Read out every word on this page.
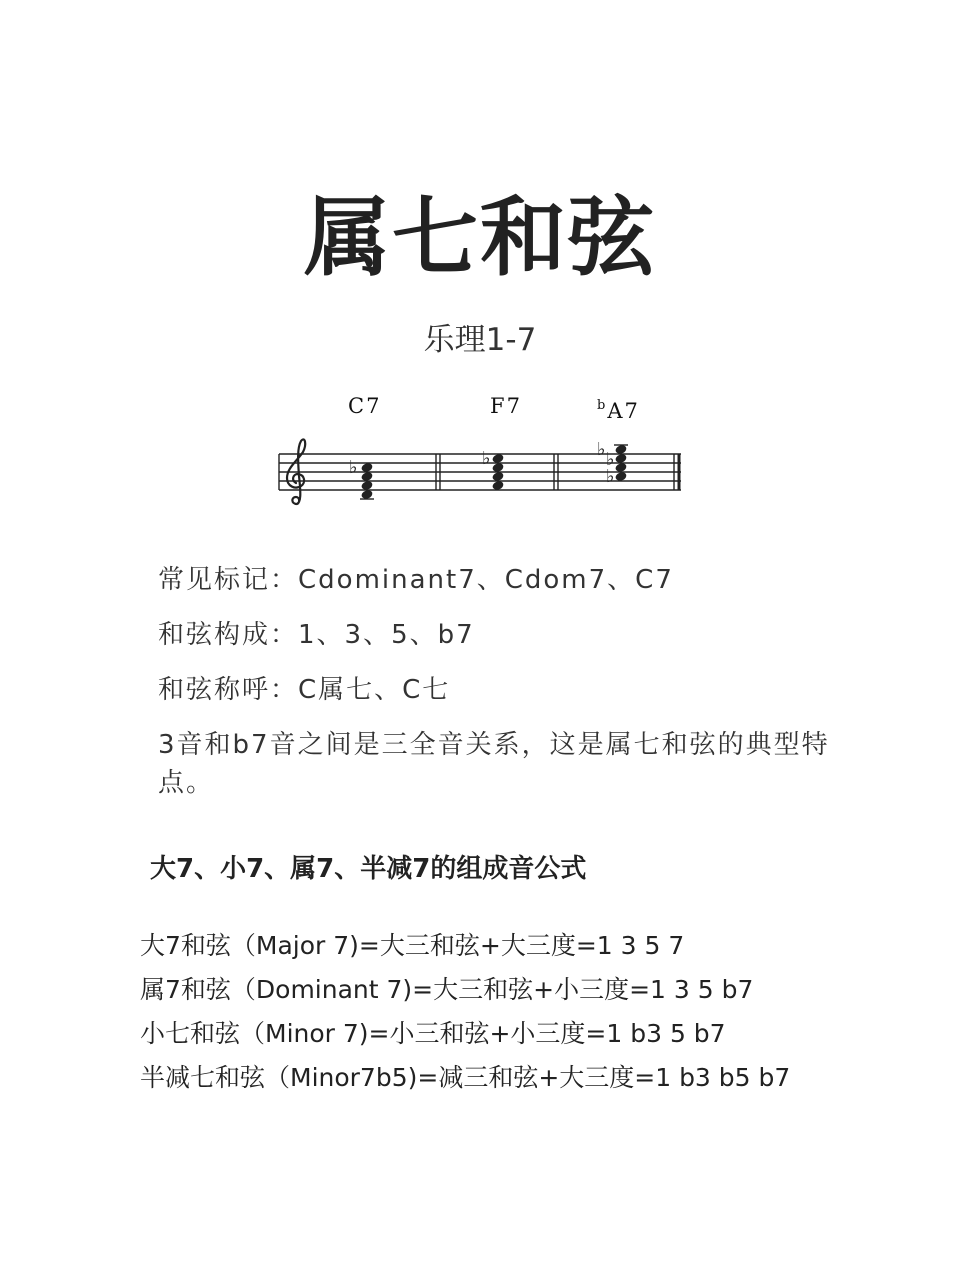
属七和弦
乐理1-7
C7	F7	$^b$A7
♭	♭	♭ ♭
♭
常见标记：Cdominant7、Cdom7、C7
和弦构成：1、3、5、b7
和弦称呼：C属七、C七
3音和b7音之间是三全音关系，这是属七和弦的典型特点。
大7、小7、属7、半减7的组成音公式
大7和弦（Major 7)=大三和弦+大三度=1 3 5 7
属7和弦（Dominant 7)=大三和弦+小三度=1 3 5 b7
小七和弦（Minor 7)=小三和弦+小三度=1 b3 5 b7
半减七和弦（Minor7b5)=减三和弦+大三度=1 b3 b5 b7
